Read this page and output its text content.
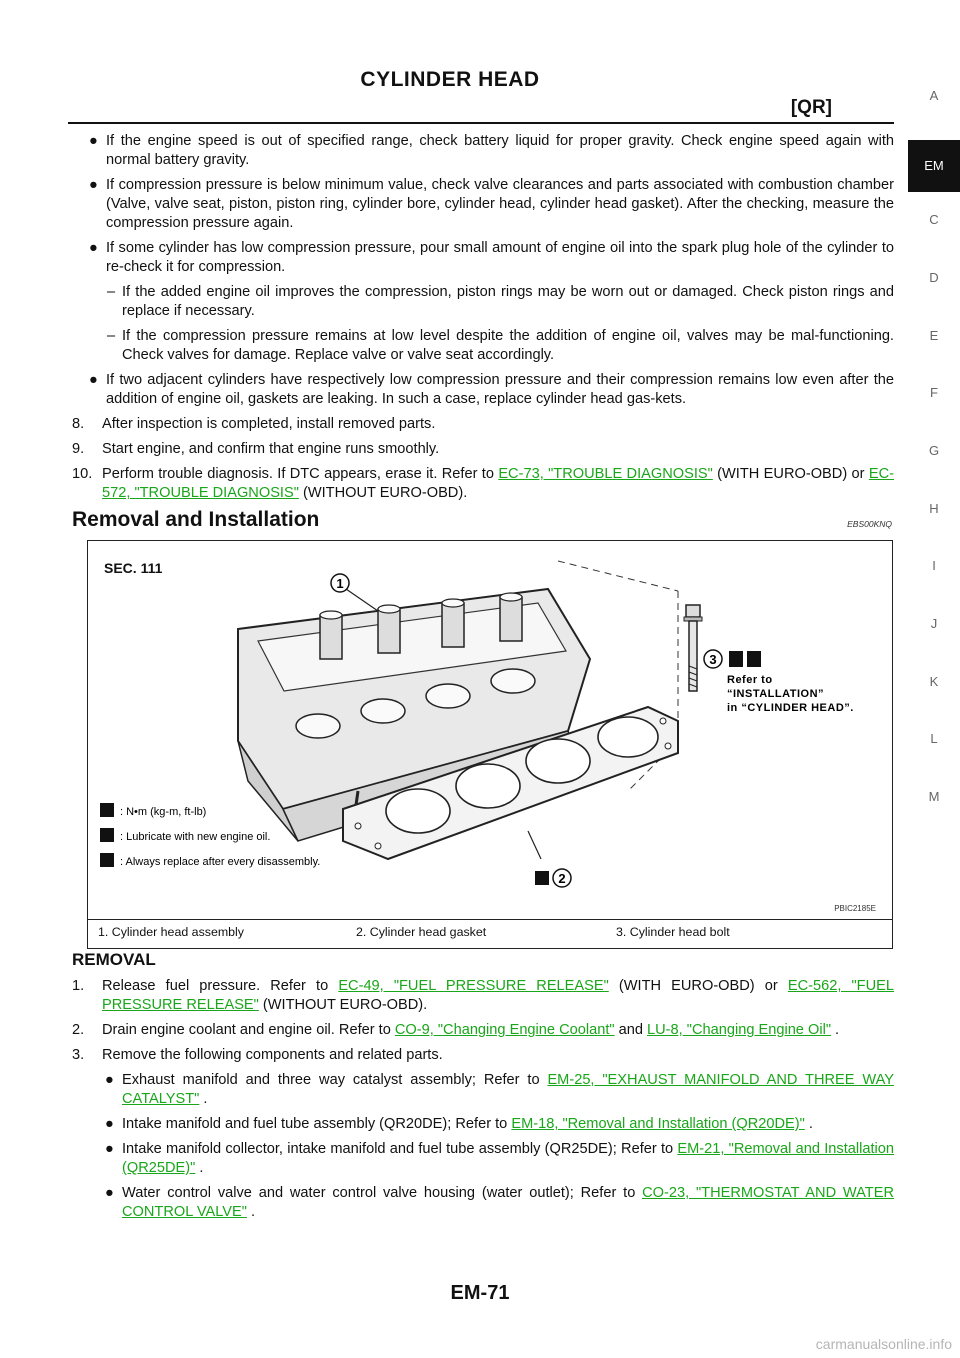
CYLINDER HEAD
[QR]
A
EM
C
D
E
F
G
H
I
J
K
L
M
● If the engine speed is out of specified range, check battery liquid for proper gravity. Check engine speed again with normal battery gravity.
● If compression pressure is below minimum value, check valve clearances and parts associated with combustion chamber (Valve, valve seat, piston, piston ring, cylinder bore, cylinder head, cylinder head gasket). After the checking, measure the compression pressure again.
● If some cylinder has low compression pressure, pour small amount of engine oil into the spark plug hole of the cylinder to re-check it for compression.
– If the added engine oil improves the compression, piston rings may be worn out or damaged. Check piston rings and replace if necessary.
– If the compression pressure remains at low level despite the addition of engine oil, valves may be mal-functioning. Check valves for damage. Replace valve or valve seat accordingly.
● If two adjacent cylinders have respectively low compression pressure and their compression remains low even after the addition of engine oil, gaskets are leaking. In such a case, replace cylinder head gas-kets.
8. After inspection is completed, install removed parts.
9. Start engine, and confirm that engine runs smoothly.
10. Perform trouble diagnosis. If DTC appears, erase it. Refer to EC-73, "TROUBLE DIAGNOSIS" (WITH EURO-OBD) or EC-572, "TROUBLE DIAGNOSIS" (WITHOUT EURO-OBD).
Removal and Installation	EBS00KNQ
SEC. 111
1
3
Refer to
“INSTALLATION”
in “CYLINDER HEAD”.
2
: N•m (kg-m, ft-lb)
: Lubricate with new engine oil.
: Always replace after every disassembly.
PBIC2185E
1. Cylinder head assembly	2. Cylinder head gasket	3. Cylinder head bolt
REMOVAL
1. Release fuel pressure. Refer to EC-49, "FUEL PRESSURE RELEASE" (WITH EURO-OBD) or EC-562, "FUEL PRESSURE RELEASE" (WITHOUT EURO-OBD).
2. Drain engine coolant and engine oil. Refer to CO-9, "Changing Engine Coolant" and LU-8, "Changing Engine Oil" .
3. Remove the following components and related parts.
● Exhaust manifold and three way catalyst assembly; Refer to EM-25, "EXHAUST MANIFOLD AND THREE WAY CATALYST" .
● Intake manifold and fuel tube assembly (QR20DE); Refer to EM-18, "Removal and Installation (QR20DE)" .
● Intake manifold collector, intake manifold and fuel tube assembly (QR25DE); Refer to EM-21, "Removal and Installation (QR25DE)" .
● Water control valve and water control valve housing (water outlet); Refer to CO-23, "THERMOSTAT AND WATER CONTROL VALVE" .
EM-71
carmanualsonline.info
